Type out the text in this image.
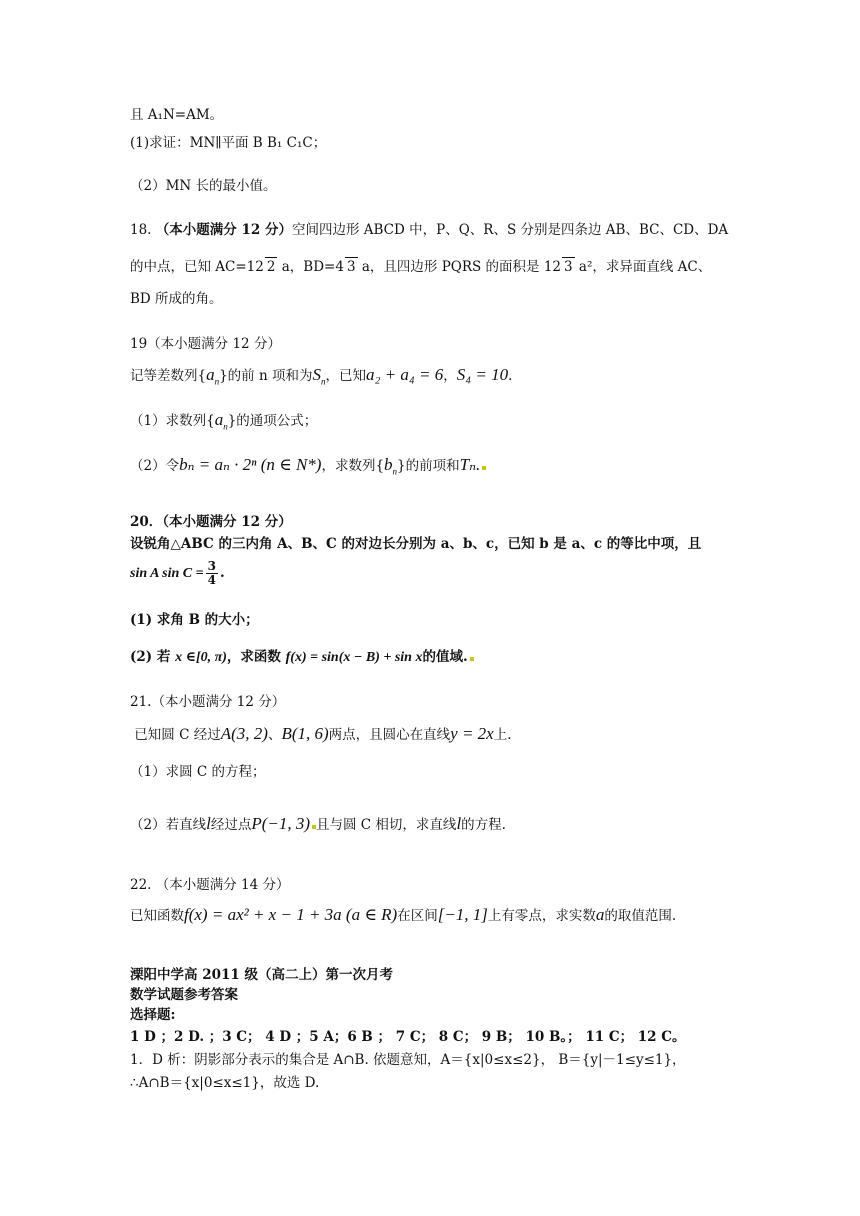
且 A₁N=AM。
(1)求证：MN∥平面 B B₁ C₁C；
（2）MN 长的最小值。
18. （本小题满分 12 分）空间四边形 ABCD 中，P、Q、R、S 分别是四条边 AB、BC、CD、DA
的中点，已知 AC=12 2 a，BD=4 3 a，且四边形 PQRS 的面积是 12 3 a²，求异面直线 AC、
BD 所成的角。
19（本小题满分 12 分）
记等差数列$\{a_n\}$的前 n 项和为$S_n$，已知a₂ + a₄ = 6，S₄ = 10.
（1）求数列$\{a_n\}$的通项公式；
（2）令bₙ = aₙ · 2ⁿ (n ∈ N*)，求数列$\{b_n\}$的前项和Tₙ.
20．（本小题满分 12 分）
设锐角△ABC 的三内角 A、B、C 的对边长分别为 a、b、c，已知 b 是 a、c 的等比中项，且
sin A $\sin C = \frac{3}{4}$ .
(1) 求角 B 的大小；
(2) 若 x ∈[0, π)，求函数 f(x) = sin(x − B) + sin x的值域.
21.（本小题满分 12 分）
已知圆 C 经过A(3, 2)、B(1, 6)两点，且圆心在直线y = 2x上.
（1）求圆 C 的方程；
（2）若直线l经过点P(−1, 3) 且与圆 C 相切，求直线l的方程.
22. （本小题满分 14 分）
已知函数f(x) = ax² + x − 1 + 3a (a ∈ R)在区间[−1, 1]上有零点，求实数a的取值范围.
溧阳中学高 2011 级（高二上）第一次月考
数学试题参考答案
选择题:
1 D ；2 D. ；3 C； 4 D ；5 A；6 B ； 7 C； 8 C； 9 B； 10 B。； 11 C； 12 C。
1．D 析：阴影部分表示的集合是 A∩B. 依题意知，A＝{x|0≤x≤2}， B＝{y|－1≤y≤1}，
∴A∩B＝{x|0≤x≤1}，故选 D.
